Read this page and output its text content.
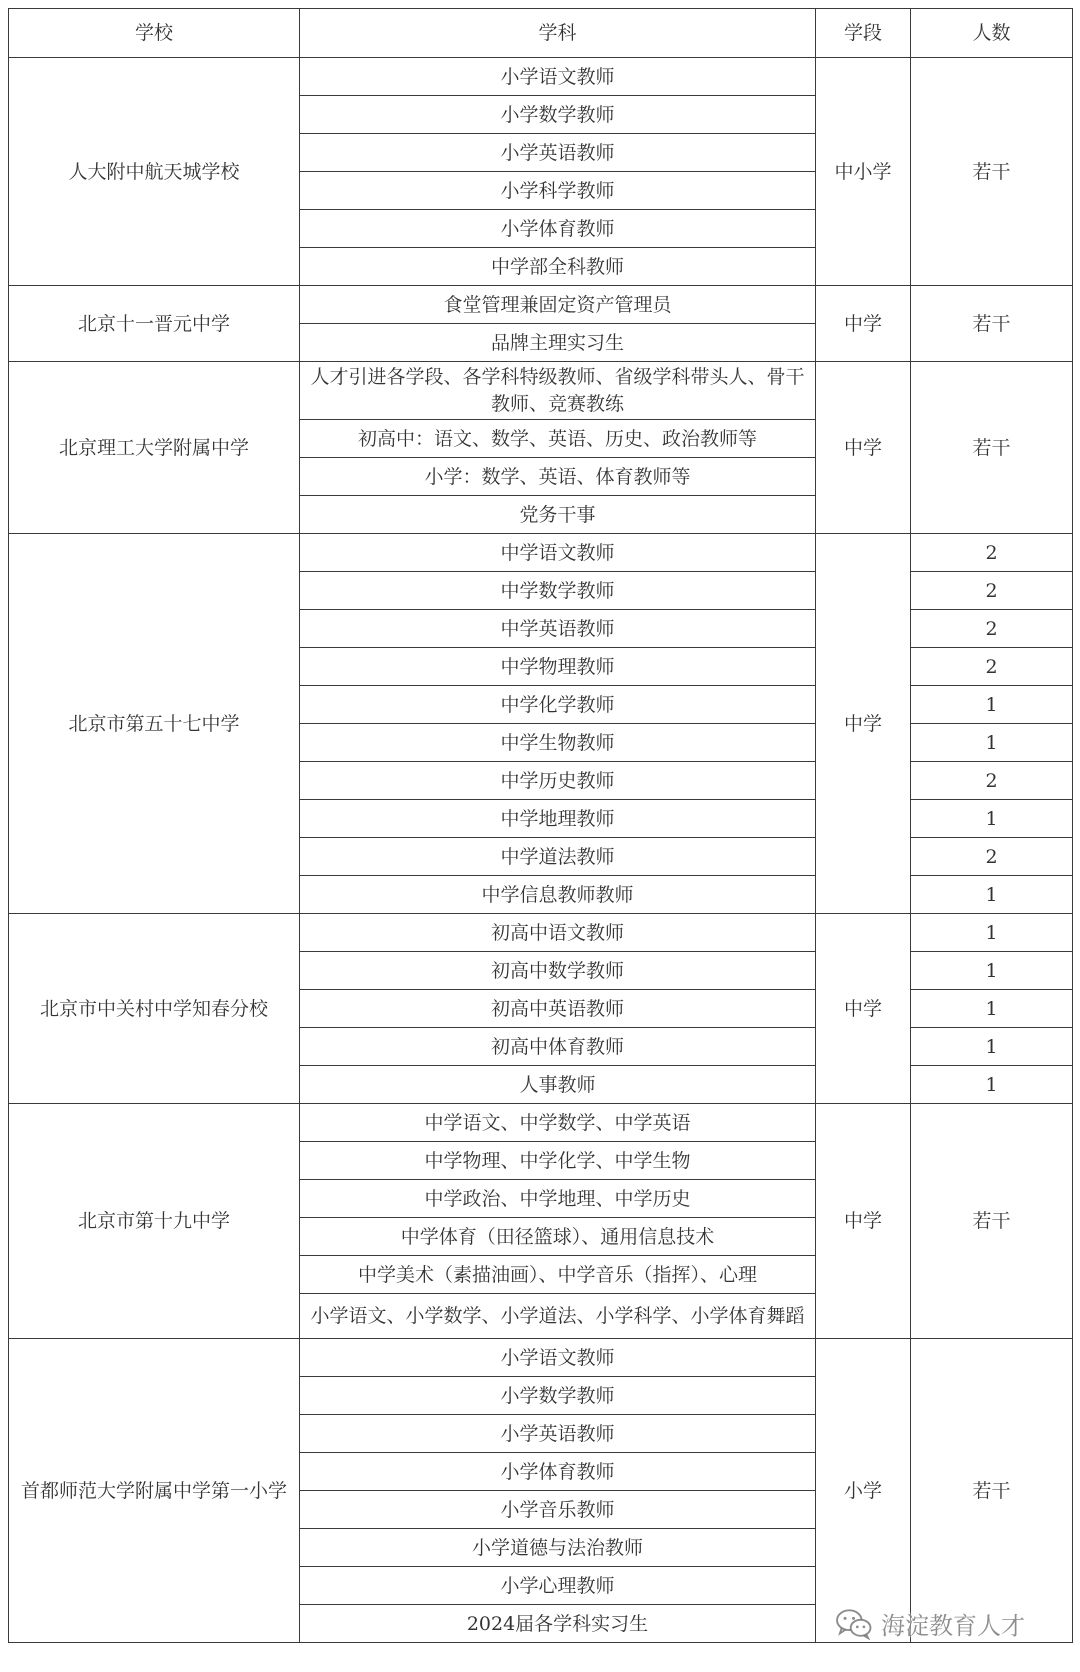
学校	学科	学段	人数
人大附中航天城学校	小学语文教师	中小学	若干
	小学数学教师		
	小学英语教师		
	小学科学教师		
	小学体育教师		
	中学部全科教师		
北京十一晋元中学	食堂管理兼固定资产管理员	中学	若干
	品牌主理实习生		
北京理工大学附属中学	人才引进各学段、各学科特级教师、省级学科带头人、骨干教师、竞赛教练	中学	若干
	初高中：语文、数学、英语、历史、政治教师等		
	小学：数学、英语、体育教师等		
	党务干事		
北京市第五十七中学	中学语文教师	中学	2
	中学数学教师		2
	中学英语教师		2
	中学物理教师		2
	中学化学教师		1
	中学生物教师		1
	中学历史教师		2
	中学地理教师		1
	中学道法教师		2
	中学信息教师教师		1
北京市中关村中学知春分校	初高中语文教师	中学	1
	初高中数学教师		1
	初高中英语教师		1
	初高中体育教师		1
	人事教师		1
北京市第十九中学	中学语文、中学数学、中学英语	中学	若干
	中学物理、中学化学、中学生物		
	中学政治、中学地理、中学历史		
	中学体育（田径篮球）、通用信息技术		
	中学美术（素描油画）、中学音乐（指挥）、心理		
	小学语文、小学数学、小学道法、小学科学、小学体育舞蹈		
首都师范大学附属中学第一小学	小学语文教师	小学	若干
	小学数学教师		
	小学英语教师		
	小学体育教师		
	小学音乐教师		
	小学道德与法治教师		
	小学心理教师		
	2024届各学科实习生			海淀教育人才
